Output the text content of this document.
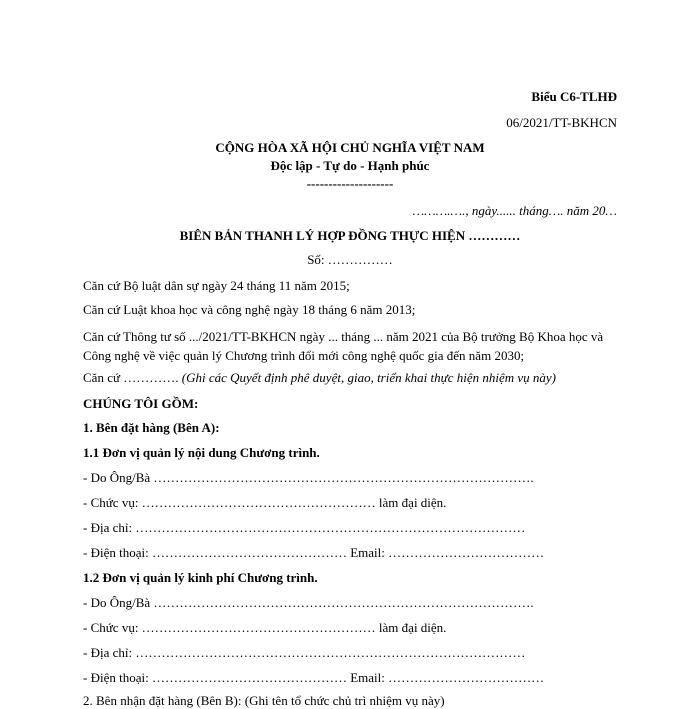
Biểu C6-TLHĐ
06/2021/TT-BKHCN
CỘNG HÒA XÃ HỘI CHỦ NGHĨA VIỆT NAM
Độc lập - Tự do - Hạnh phúc
--------------------
……….…., ngày...... tháng…. năm 20…
BIÊN BẢN THANH LÝ HỢP ĐỒNG THỰC HIỆN …………
Số: ……………
Căn cứ Bộ luật dân sự ngày 24 tháng 11 năm 2015;
Căn cứ Luật khoa học và công nghệ ngày 18 tháng 6 năm 2013;
Căn cứ Thông tư số .../2021/TT-BKHCN ngày ... tháng ... năm 2021 của Bộ trưởng Bộ Khoa học và Công nghệ về việc quản lý Chương trình đổi mới công nghệ quốc gia đến năm 2030;
Căn cứ …………. (Ghi các Quyết định phê duyệt, giao, triển khai thực hiện nhiệm vụ này)
CHÚNG TÔI GỒM:
1. Bên đặt hàng (Bên A):
1.1 Đơn vị quản lý nội dung Chương trình.
- Do Ông/Bà …………………………………………………………………………….
- Chức vụ: ……………………………………………… làm đại diện.
- Địa chỉ: ………………………………………………………………………………
- Điện thoại: ……………………………………… Email: ………………………………
1.2 Đơn vị quản lý kinh phí Chương trình.
- Do Ông/Bà …………………………………………………………………………….
- Chức vụ: ……………………………………………… làm đại diện.
- Địa chỉ: ………………………………………………………………………………
- Điện thoại: ……………………………………… Email: ………………………………
2. Bên nhận đặt hàng (Bên B): (Ghi tên tổ chức chủ trì nhiệm vụ này)
